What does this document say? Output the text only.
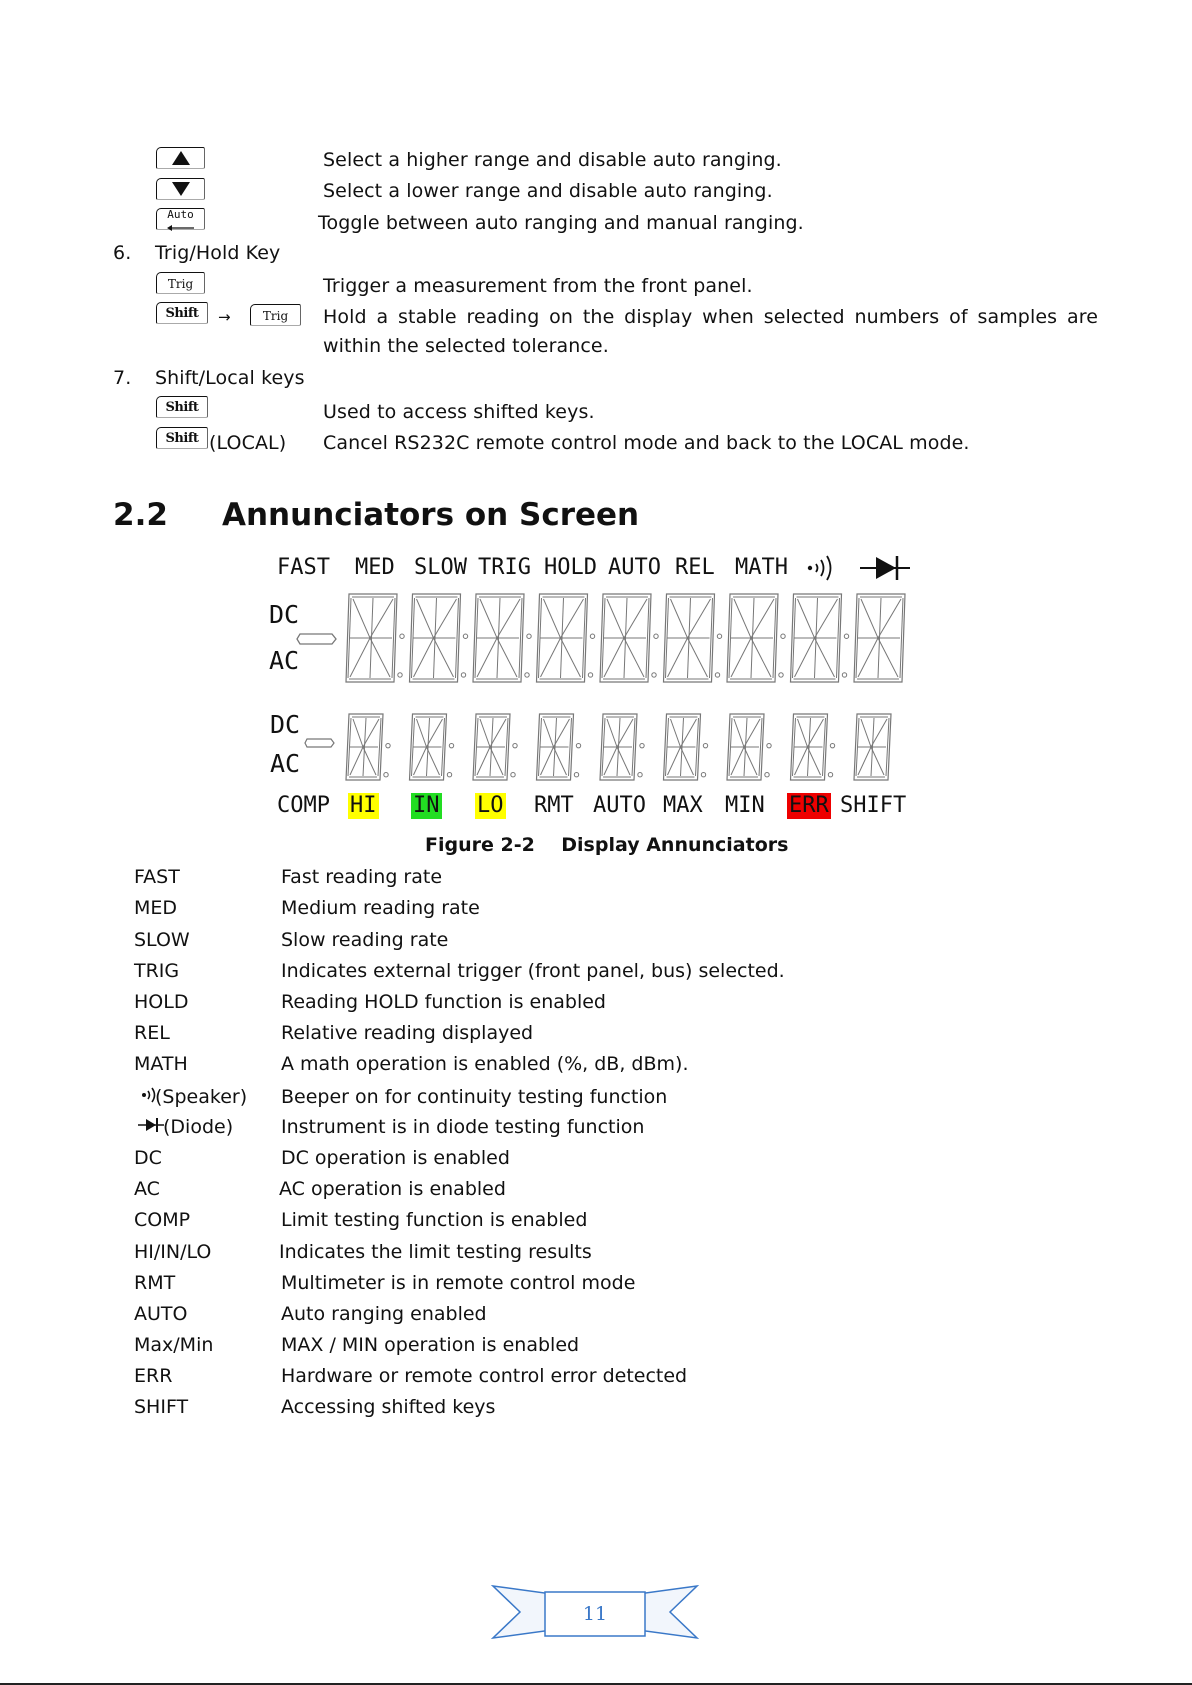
Select a higher range and disable auto ranging.
Select a lower range and disable auto ranging.
Auto	Toggle between auto ranging and manual ranging.
6. Trig/Hold Key
Trig	Trigger a measurement from the front panel.
Shift	→	Trig	Hold a stable reading on the display when selected numbers of samples are within the selected tolerance.
7. Shift/Local keys
Shift	Used to access shifted keys.
Shift (LOCAL) Cancel RS232C remote control mode and back to the LOCAL mode.
2.2 Annunciators on Screen
FAST MED SLOW TRIG HOLD AUTO REL MATH
DC
AC
DC
AC
COMP HI IN LO RMT AUTO MAX MIN ERR SHIFT
Figure 2-2    Display Annunciators
FAST	Fast reading rate
MED	Medium reading rate
SLOW	Slow reading rate
TRIG	Indicates external trigger (front panel, bus) selected.
HOLD	Reading HOLD function is enabled
REL	Relative reading displayed
MATH	A math operation is enabled (%, dB, dBm).
(Speaker) Beeper on for continuity testing function
(Diode)	Instrument is in diode testing function
DC	DC operation is enabled
AC	AC operation is enabled
COMP	Limit testing function is enabled
HI/IN/LO	Indicates the limit testing results
RMT	Multimeter is in remote control mode
AUTO	Auto ranging enabled
Max/Min	MAX / MIN operation is enabled
ERR	Hardware or remote control error detected
SHIFT	Accessing shifted keys
11
